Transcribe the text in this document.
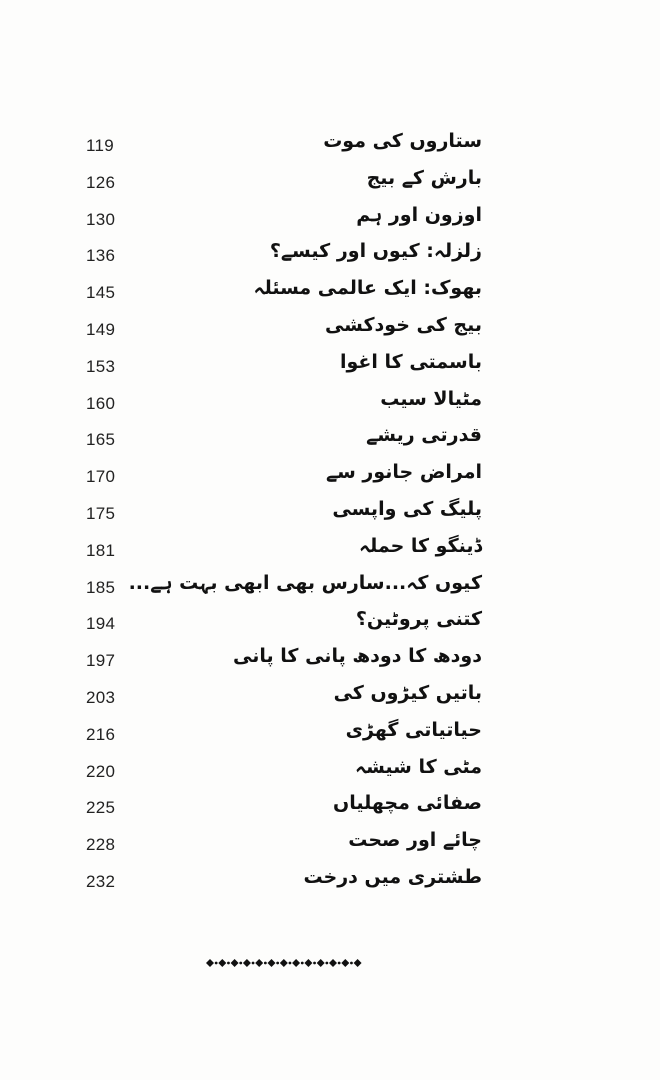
119	ستاروں کی موت
126	بارش کے بیج
130	اوزون اور ہم
136	زلزلہ: کیوں اور کیسے؟
145	بھوک: ایک عالمی مسئلہ
149	بیج کی خودکشی
153	باسمتی کا اغوا
160	مٹیالا سیب
165	قدرتی ریشے
170	امراض جانور سے
175	پلیگ کی واپسی
181	ڈینگو کا حملہ
185 کیوں کہ...سارس بھی ابھی بہت ہے...
194	کتنی پروٹین؟
197	دودھ کا دودھ پانی کا پانی
203	باتیں کیڑوں کی
216	حیاتیاتی گھڑی
220	مٹی کا شیشہ
225	صفائی مچھلیاں
228	چائے اور صحت
232	طشتری میں درخت
